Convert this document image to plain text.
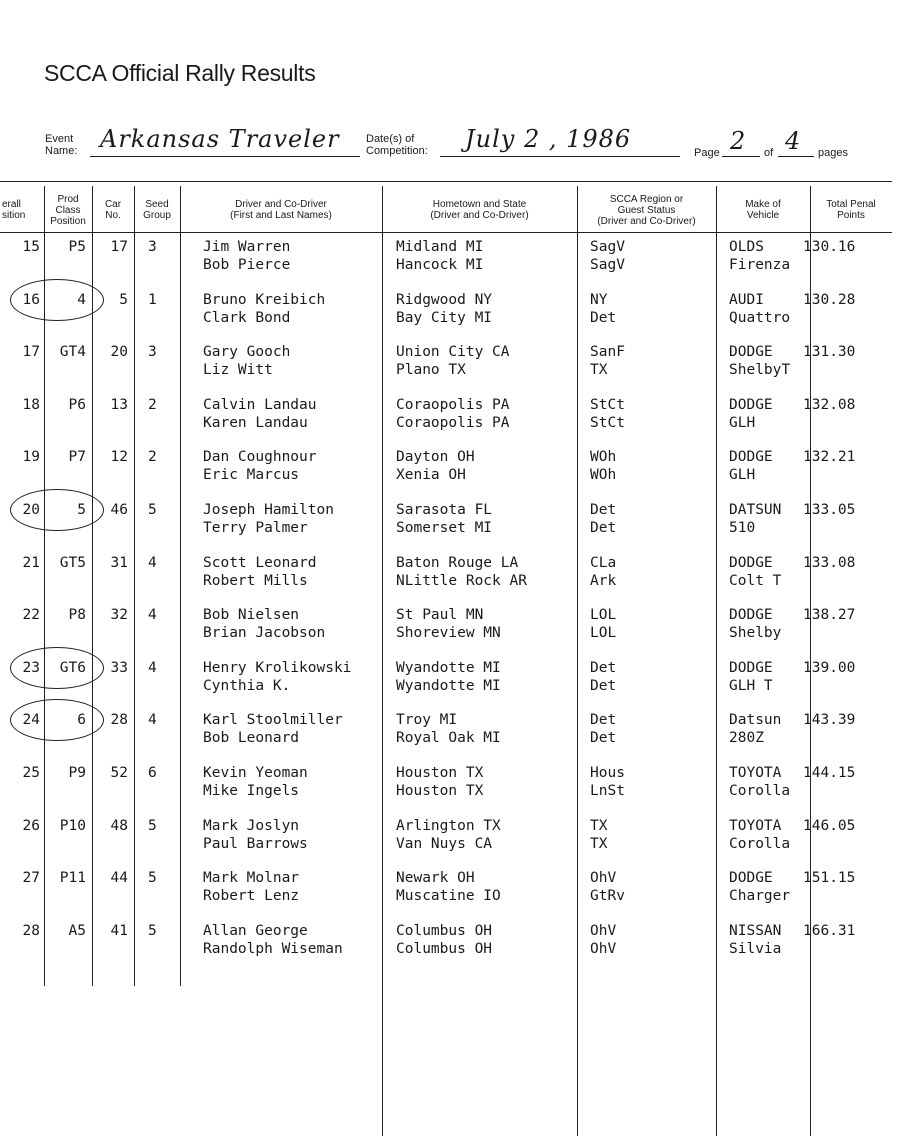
SCCA Official Rally Results
Event
Name: Arkansas Traveler Date(s) of
Competition: July 2 , 1986	Page 2 of 4 pages
erall
sition
Prod
Class
Position
Car
No.
Seed
Group
Driver and Co-Driver
(First and Last Names)
Hometown and State
(Driver and Co-Driver)
SCCA Region or
Guest Status
(Driver and Co-Driver)
Make of
Vehicle
Total Penal
Points
15 P5 17 3	Jim Warren	Midland MI	SagV	OLDS	130.16
Bob Pierce	Hancock MI	SagV	Firenza
16	4 5 1	Bruno Kreibich	Ridgwood NY	NY	AUDI	130.28
Clark Bond	Bay City MI	Det	Quattro
17 GT4 20 3	Gary Gooch	Union City CA	SanF	DODGE 131.30
Liz Witt	Plano TX	TX	ShelbyT
18 P6 13 2	Calvin Landau	Coraopolis PA	StCt	DODGE 132.08
Karen Landau	Coraopolis PA	StCt	GLH
19 P7 12 2	Dan Coughnour	Dayton OH	WOh	DODGE 132.21
Eric Marcus	Xenia OH	WOh	GLH
20	5 46 5	Joseph Hamilton	Sarasota FL	Det	DATSUN 133.05
Terry Palmer	Somerset MI	Det	510
21 GT5 31 4	Scott Leonard	Baton Rouge LA	CLa	DODGE 133.08
Robert Mills	NLittle Rock AR	Ark	Colt T
22 P8 32 4	Bob Nielsen	St Paul MN	LOL	DODGE 138.27
Brian Jacobson	Shoreview MN	LOL	Shelby
23 GT6 33 4	Henry Krolikowski	Wyandotte MI	Det	DODGE 139.00
Cynthia K.	Wyandotte MI	Det	GLH T
24	6 28 4	Karl Stoolmiller	Troy MI	Det	Datsun 143.39
Bob Leonard	Royal Oak MI	Det	280Z
25 P9 52 6	Kevin Yeoman	Houston TX	Hous	TOYOTA 144.15
Mike Ingels	Houston TX	LnSt	Corolla
26 P10 48 5	Mark Joslyn	Arlington TX	TX	TOYOTA 146.05
Paul Barrows	Van Nuys CA	TX	Corolla
27 P11 44 5	Mark Molnar	Newark OH	OhV	DODGE 151.15
Robert Lenz	Muscatine IO	GtRv	Charger
28 A5 41 5	Allan George	Columbus OH	OhV	NISSAN 166.31
Randolph Wiseman	Columbus OH	OhV	Silvia
